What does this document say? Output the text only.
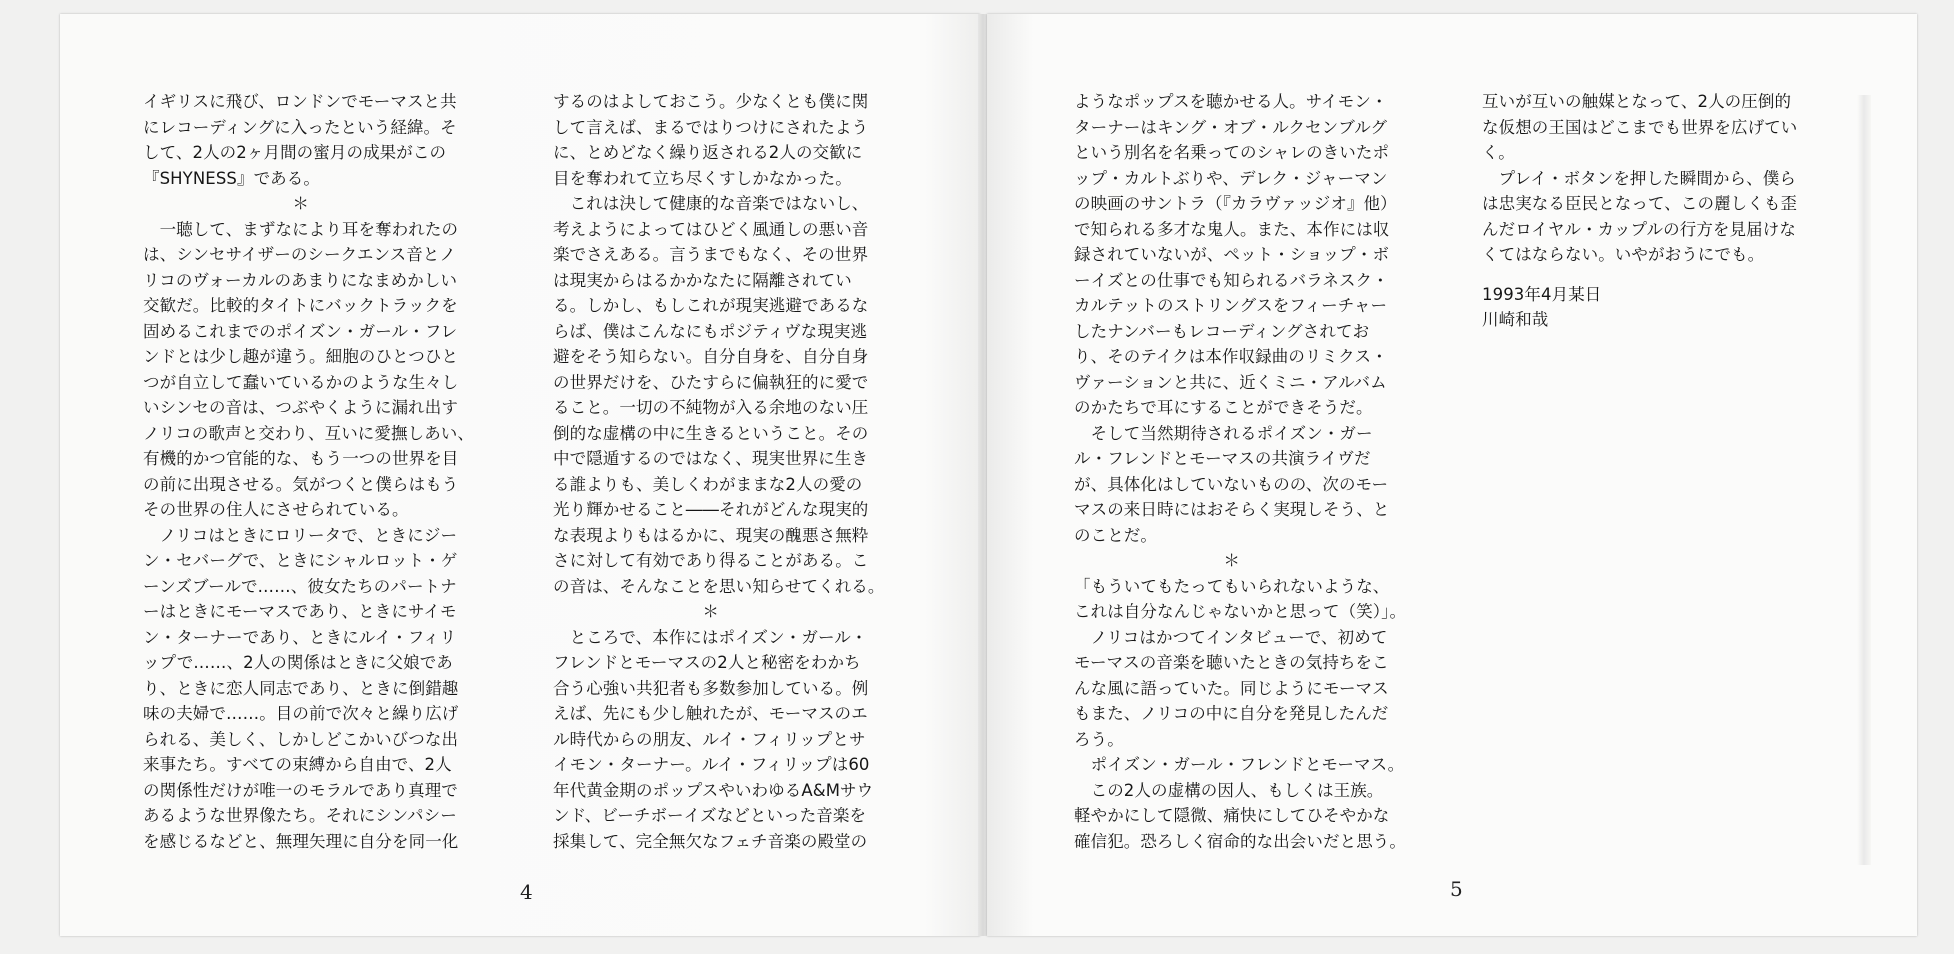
イギリスに飛び、ロンドンでモーマスと共
にレコーディングに入ったという経緯。そ
して、2人の2ヶ月間の蜜月の成果がこの
『SHYNESS』である。
　　　　　　　　　＊
　一聴して、まずなにより耳を奪われたの
は、シンセサイザーのシークエンス音とノ
リコのヴォーカルのあまりになまめかしい
交歓だ。比較的タイトにバックトラックを
固めるこれまでのポイズン・ガール・フレ
ンドとは少し趣が違う。細胞のひとつひと
つが自立して蠢いているかのような生々し
いシンセの音は、つぶやくように漏れ出す
ノリコの歌声と交わり、互いに愛撫しあい、
有機的かつ官能的な、もう一つの世界を目
の前に出現させる。気がつくと僕らはもう
その世界の住人にさせられている。
　ノリコはときにロリータで、ときにジー
ン・セバーグで、ときにシャルロット・ゲ
ーンズブールで……、彼女たちのパートナ
ーはときにモーマスであり、ときにサイモ
ン・ターナーであり、ときにルイ・フィリ
ップで……、2人の関係はときに父娘であ
り、ときに恋人同志であり、ときに倒錯趣
味の夫婦で……。目の前で次々と繰り広げ
られる、美しく、しかしどこかいびつな出
来事たち。すべての束縛から自由で、2人
の関係性だけが唯一のモラルであり真理で
あるような世界像たち。それにシンパシー
を感じるなどと、無理矢理に自分を同一化
するのはよしておこう。少なくとも僕に関
して言えば、まるではりつけにされたよう
に、とめどなく繰り返される2人の交歓に
目を奪われて立ち尽くすしかなかった。
　これは決して健康的な音楽ではないし、
考えようによってはひどく風通しの悪い音
楽でさえある。言うまでもなく、その世界
は現実からはるかかなたに隔離されてい
る。しかし、もしこれが現実逃避であるな
らば、僕はこんなにもポジティヴな現実逃
避をそう知らない。自分自身を、自分自身
の世界だけを、ひたすらに偏執狂的に愛で
ること。一切の不純物が入る余地のない圧
倒的な虚構の中に生きるということ。その
中で隠遁するのではなく、現実世界に生き
る誰よりも、美しくわがままな2人の愛の
光り輝かせること――それがどんな現実的
な表現よりもはるかに、現実の醜悪さ無粋
さに対して有効であり得ることがある。こ
の音は、そんなことを思い知らせてくれる。
　　　　　　　　　＊
　ところで、本作にはポイズン・ガール・
フレンドとモーマスの2人と秘密をわかち
合う心強い共犯者も多数参加している。例
えば、先にも少し触れたが、モーマスのエ
ル時代からの朋友、ルイ・フィリップとサ
イモン・ターナー。ルイ・フィリップは60
年代黄金期のポップスやいわゆるA&Mサウ
ンド、ビーチボーイズなどといった音楽を
採集して、完全無欠なフェチ音楽の殿堂の
ようなポップスを聴かせる人。サイモン・
ターナーはキング・オブ・ルクセンブルグ
という別名を名乗ってのシャレのきいたポ
ップ・カルトぶりや、デレク・ジャーマン
の映画のサントラ（『カラヴァッジオ』他）
で知られる多才な鬼人。また、本作には収
録されていないが、ペット・ショップ・ボ
ーイズとの仕事でも知られるバラネスク・
カルテットのストリングスをフィーチャー
したナンバーもレコーディングされてお
り、そのテイクは本作収録曲のリミクス・
ヴァーションと共に、近くミニ・アルバム
のかたちで耳にすることができそうだ。
　そして当然期待されるポイズン・ガー
ル・フレンドとモーマスの共演ライヴだ
が、具体化はしていないものの、次のモー
マスの来日時にはおそらく実現しそう、と
のことだ。
　　　　　　　　　＊
「もういてもたってもいられないような、
これは自分なんじゃないかと思って（笑）」。
　ノリコはかつてインタビューで、初めて
モーマスの音楽を聴いたときの気持ちをこ
んな風に語っていた。同じようにモーマス
もまた、ノリコの中に自分を発見したんだ
ろう。
　ポイズン・ガール・フレンドとモーマス。
　この2人の虚構の因人、もしくは王族。
軽やかにして隠微、痛快にしてひそやかな
確信犯。恐ろしく宿命的な出会いだと思う。
互いが互いの触媒となって、2人の圧倒的
な仮想の王国はどこまでも世界を広げてい
く。
　プレイ・ボタンを押した瞬間から、僕ら
は忠実なる臣民となって、この麗しくも歪
んだロイヤル・カップルの行方を見届けな
くてはならない。いやがおうにでも。
1993年4月某日
川崎和哉
4	5
